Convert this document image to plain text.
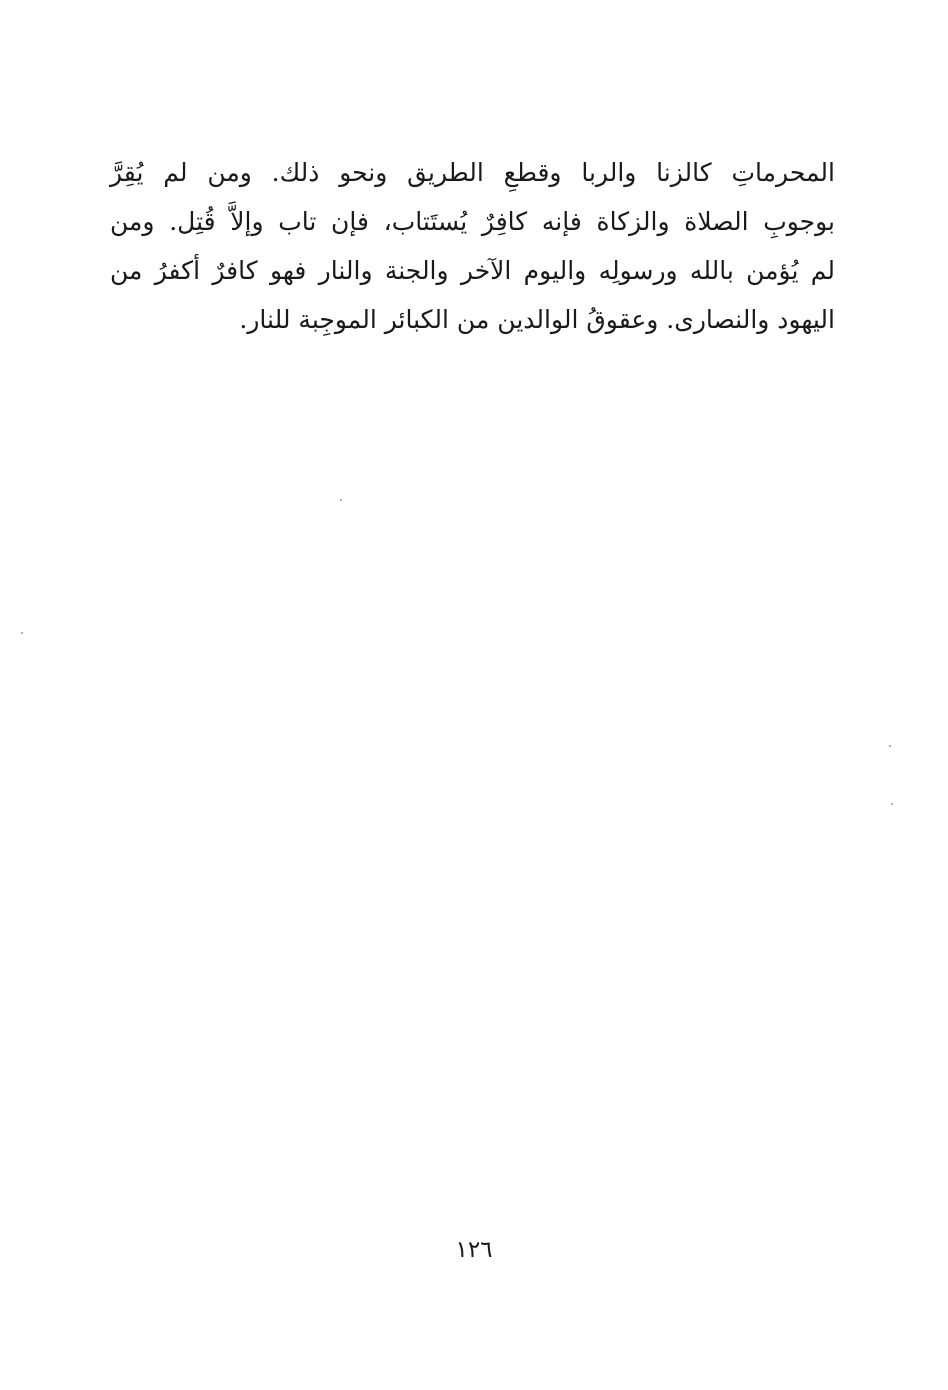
المحرماتِ كالزنا والربا وقطعِ الطريق ونحو ذلك. ومن لم يُقِرَّ
بوجوبِ الصلاة والزكاة فإنه كافِرٌ يُستَتاب، فإن تاب وإلاَّ قُتِل. ومن
لم يُؤمن بالله ورسولِه واليوم الآخر والجنة والنار فهو كافرٌ أكفرُ من
اليهود والنصارى. وعقوقُ الوالدين من الكبائر الموجِبة للنار.
١٢٦
